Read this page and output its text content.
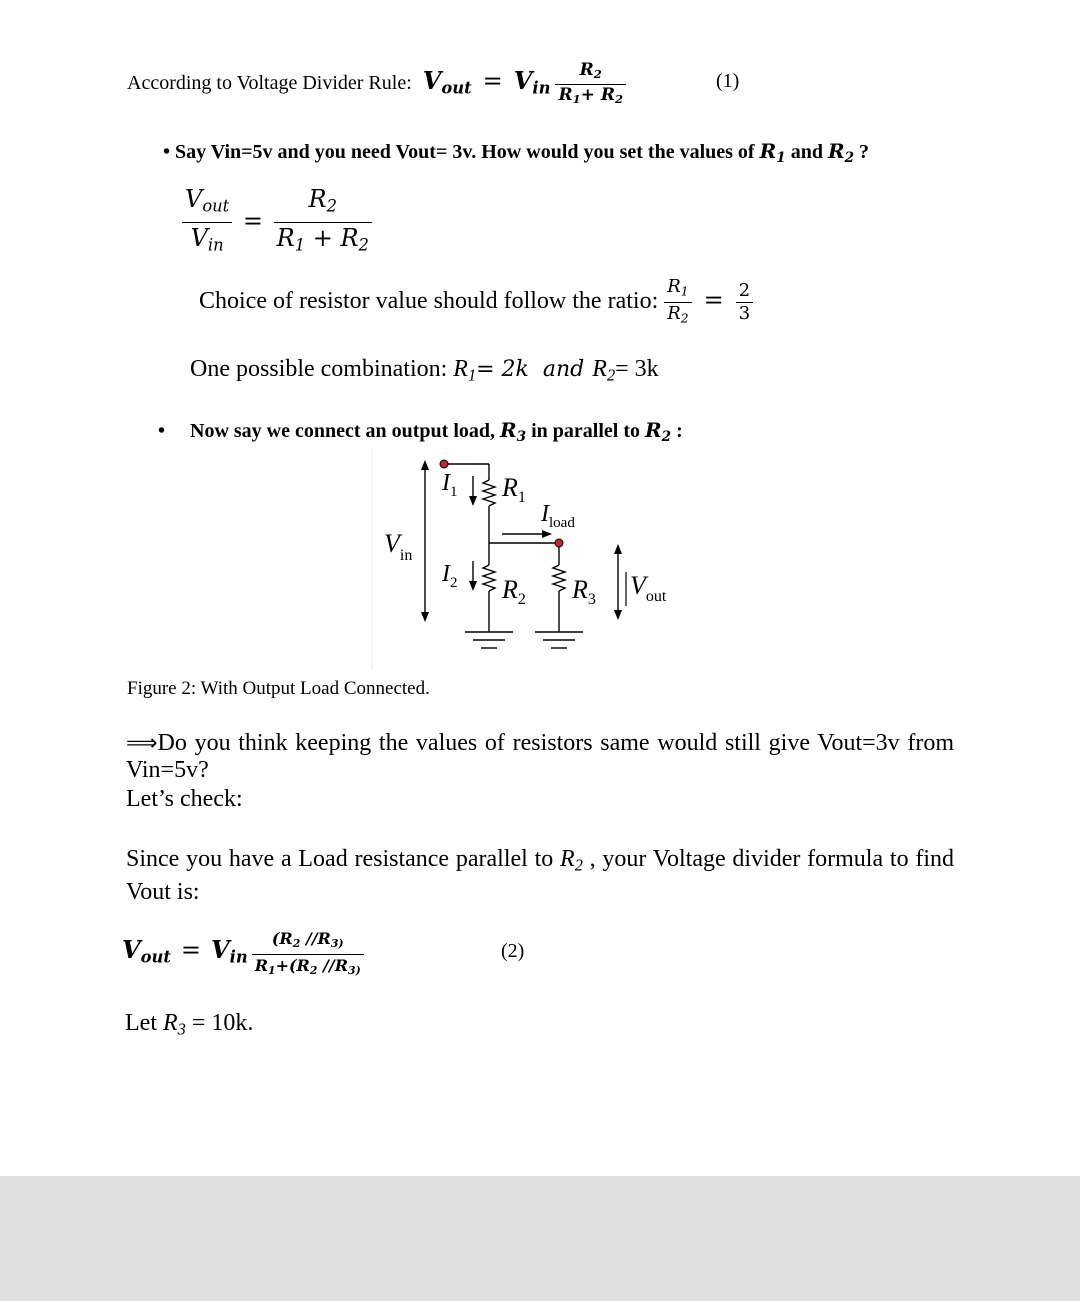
According to Voltage Divider Rule: $V_{out} = V_{in} \frac{R_2}{R_1+ R_2}$	(1)
• Say Vin=5v and you need Vout= 3v. How would you set the values of $R_1$ and $R_2$ ?
$\frac{V_{out}}{V_{in}} = \frac{R_2}{R_1 + R_2}$
Choice of resistor value should follow the ratio: $\frac{R_1}{R_2} = \frac{2}{3}$
One possible combination: $R_1= 2k$ and $R_2= 3k$
• Now say we connect an output load, $R_3$ in parallel to $R_2$ :
$V_{in}$
$I_1$
$I_2$
$R_1$
$R_2$ $R_3$
$I_{load}$
$V_{out}$
Figure 2: With Output Load Connected.
⟹Do you think keeping the values of resistors same would still give Vout=3v from Vin=5v?
Let’s check:
Since you have a Load resistance parallel to $R_2$ , your Voltage divider formula to find Vout is:
$V_{out} = V_{in} \frac{(R_2 //R_{3)}}{R_1+(R_2 //R_{3)}}$	(2)
Let $R_3 = 10k$.
